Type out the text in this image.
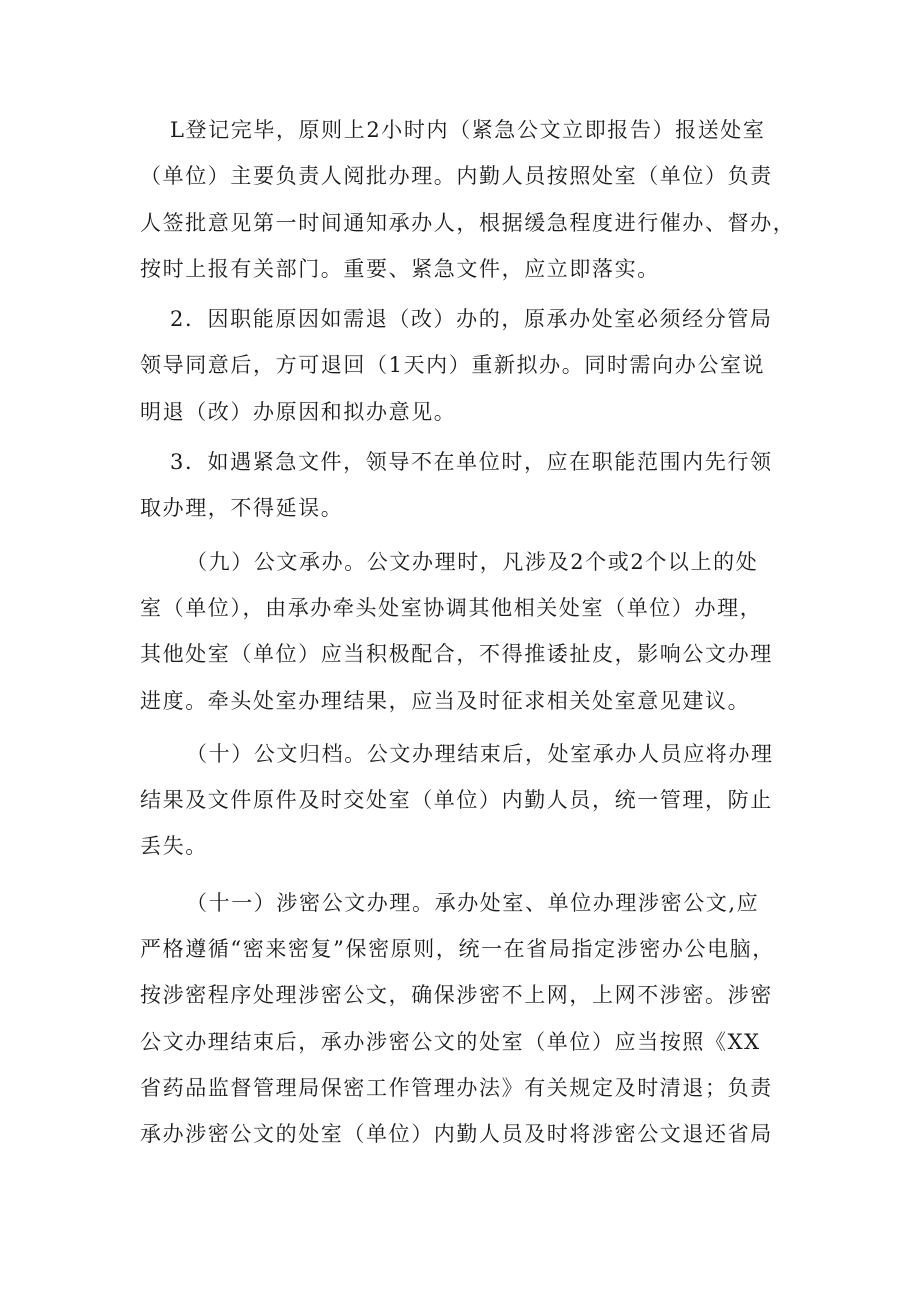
L登记完毕，原则上2小时内（紧急公文立即报告）报送处室
（单位）主要负责人阅批办理。内勤人员按照处室（单位）负责
人签批意见第一时间通知承办人，根据缓急程度进行催办、督办，
按时上报有关部门。重要、紧急文件，应立即落实。

2．因职能原因如需退（改）办的，原承办处室必须经分管局
领导同意后，方可退回（1天内）重新拟办。同时需向办公室说
明退（改）办原因和拟办意见。

3．如遇紧急文件，领导不在单位时，应在职能范围内先行领
取办理，不得延误。

（九）公文承办。公文办理时，凡涉及2个或2个以上的处
室（单位），由承办牵头处室协调其他相关处室（单位）办理，
其他处室（单位）应当积极配合，不得推诿扯皮，影响公文办理
进度。牵头处室办理结果，应当及时征求相关处室意见建议。

（十）公文归档。公文办理结束后，处室承办人员应将办理
结果及文件原件及时交处室（单位）内勤人员，统一管理，防止
丢失。

（十一）涉密公文办理。承办处室、单位办理涉密公文,应
严格遵循“密来密复”保密原则，统一在省局指定涉密办公电脑，
按涉密程序处理涉密公文，确保涉密不上网，上网不涉密。涉密
公文办理结束后，承办涉密公文的处室（单位）应当按照《XX
省药品监督管理局保密工作管理办法》有关规定及时清退；负责
承办涉密公文的处室（单位）内勤人员及时将涉密公文退还省局
